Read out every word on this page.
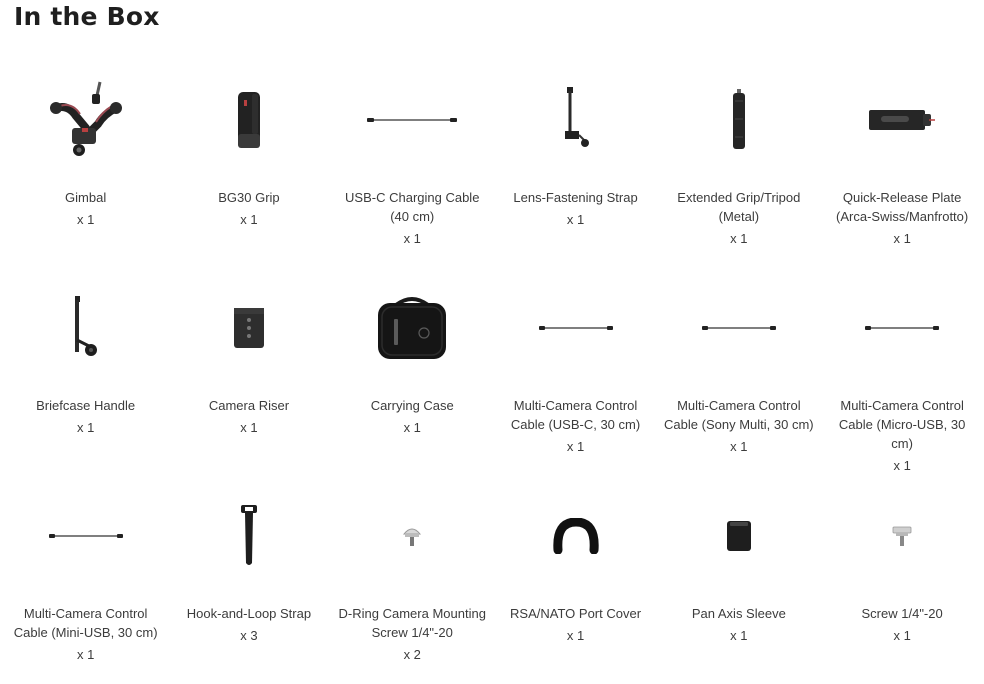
In the Box
Gimbal
x 1
BG30 Grip
x 1
USB-C Charging Cable (40 cm)
x 1
Lens-Fastening Strap
x 1
Extended Grip/Tripod (Metal)
x 1
Quick-Release Plate (Arca-Swiss/Manfrotto)
x 1
Briefcase Handle
x 1
Camera Riser
x 1
Carrying Case
x 1
Multi-Camera Control Cable (USB-C, 30 cm)
x 1
Multi-Camera Control Cable (Sony Multi, 30 cm)
x 1
Multi-Camera Control Cable (Micro-USB, 30 cm)
x 1
Multi-Camera Control Cable (Mini-USB, 30 cm)
x 1
Hook-and-Loop Strap
x 3
D-Ring Camera Mounting Screw 1/4"-20
x 2
RSA/NATO Port Cover
x 1
Pan Axis Sleeve
x 1
Screw 1/4"-20
x 1
